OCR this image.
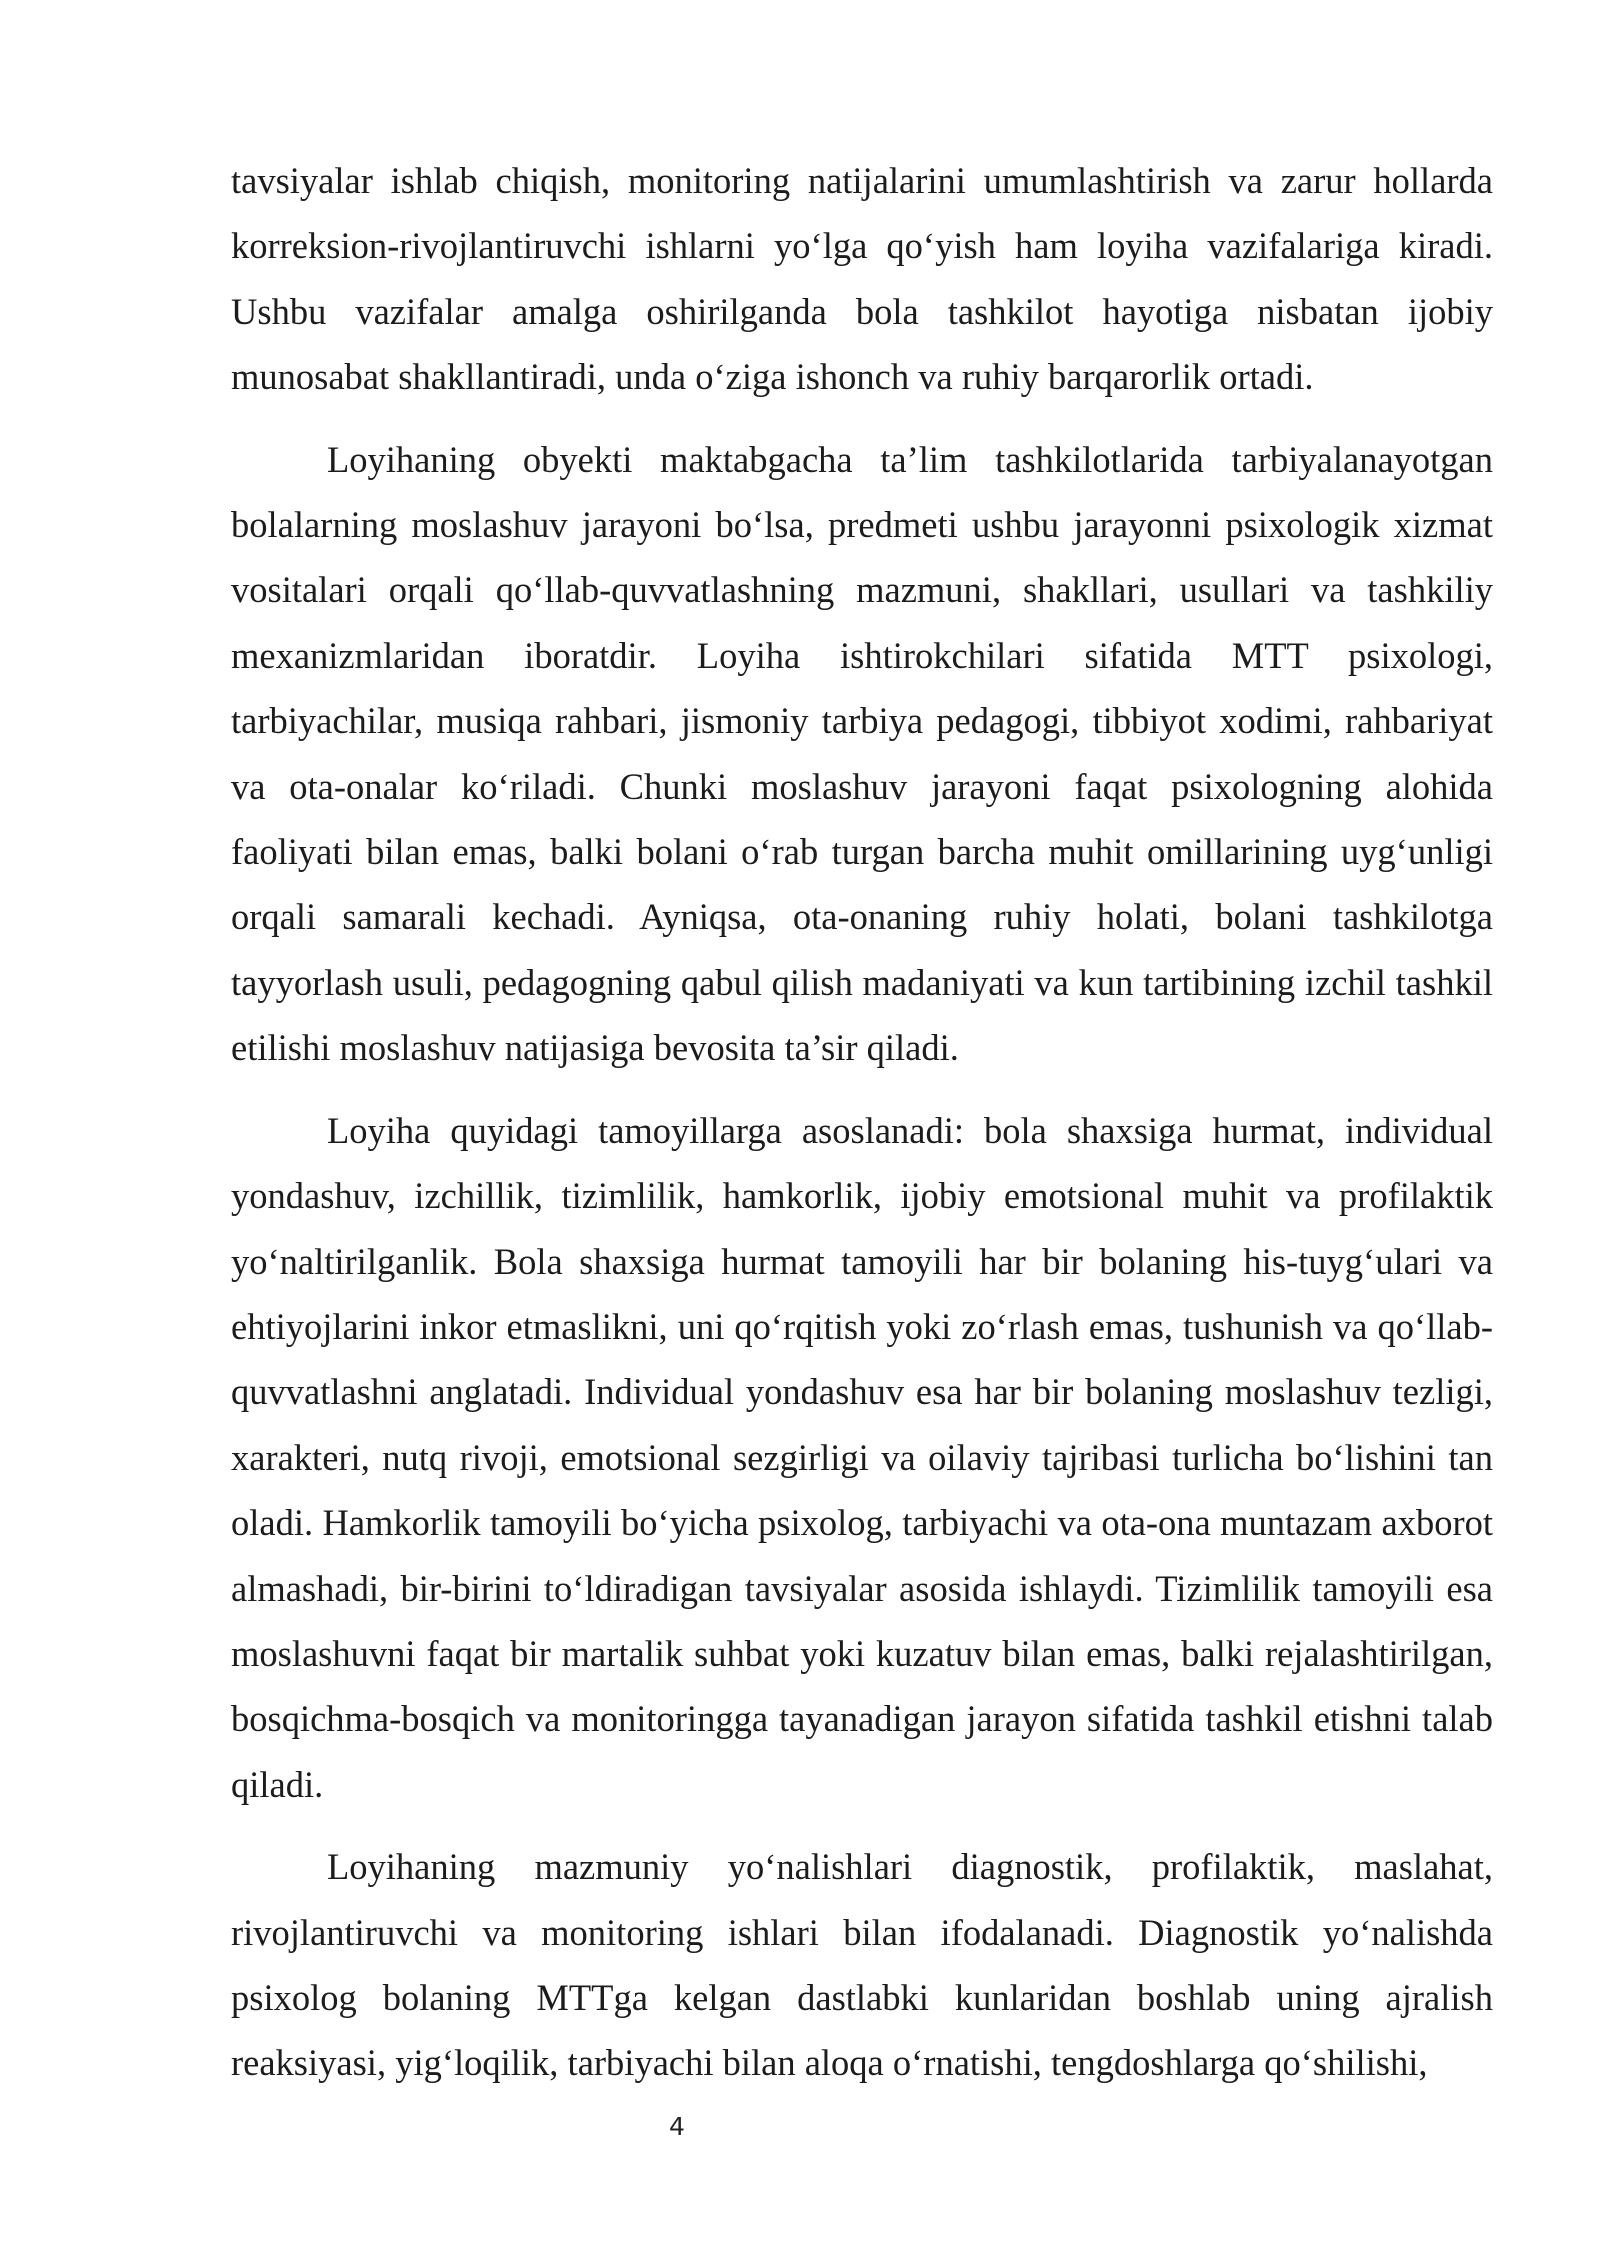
tavsiyalar ishlab chiqish, monitoring natijalarini umumlashtirish va zarur hollarda korreksion-rivojlantiruvchi ishlarni yo‘lga qo‘yish ham loyiha vazifalariga kiradi. Ushbu vazifalar amalga oshirilganda bola tashkilot hayotiga nisbatan ijobiy munosabat shakllantiradi, unda o‘ziga ishonch va ruhiy barqarorlik ortadi.

Loyihaning obyekti maktabgacha ta’lim tashkilotlarida tarbiyalanayotgan bolalarning moslashuv jarayoni bo‘lsa, predmeti ushbu jarayonni psixologik xizmat vositalari orqali qo‘llab-quvvatlashning mazmuni, shakllari, usullari va tashkiliy mexanizmlaridan iboratdir. Loyiha ishtirokchilari sifatida MTT psixologi, tarbiyachilar, musiqa rahbari, jismoniy tarbiya pedagogi, tibbiyot xodimi, rahbariyat va ota-onalar ko‘riladi. Chunki moslashuv jarayoni faqat psixologning alohida faoliyati bilan emas, balki bolani o‘rab turgan barcha muhit omillarining uyg‘unligi orqali samarali kechadi. Ayniqsa, ota-onaning ruhiy holati, bolani tashkilotga tayyorlash usuli, pedagogning qabul qilish madaniyati va kun tartibining izchil tashkil etilishi moslashuv natijasiga bevosita ta’sir qiladi.

Loyiha quyidagi tamoyillarga asoslanadi: bola shaxsiga hurmat, individual yondashuv, izchillik, tizimlilik, hamkorlik, ijobiy emotsional muhit va profilaktik yo‘naltirilganlik. Bola shaxsiga hurmat tamoyili har bir bolaning his-tuyg‘ulari va ehtiyojlarini inkor etmaslikni, uni qo‘rqitish yoki zo‘rlash emas, tushunish va qo‘llab-quvvatlashni anglatadi. Individual yondashuv esa har bir bolaning moslashuv tezligi, xarakteri, nutq rivoji, emotsional sezgirligi va oilaviy tajribasi turlicha bo‘lishini tan oladi. Hamkorlik tamoyili bo‘yicha psixolog, tarbiyachi va ota-ona muntazam axborot almashadi, bir-birini to‘ldiradigan tavsiyalar asosida ishlaydi. Tizimlilik tamoyili esa moslashuvni faqat bir martalik suhbat yoki kuzatuv bilan emas, balki rejalashtirilgan, bosqichma-bosqich va monitoringga tayanadigan jarayon sifatida tashkil etishni talab qiladi.

Loyihaning mazmuniy yo‘nalishlari diagnostik, profilaktik, maslahat, rivojlantiruvchi va monitoring ishlari bilan ifodalanadi. Diagnostik yo‘nalishda psixolog bolaning MTTga kelgan dastlabki kunlaridan boshlab uning ajralish reaksiyasi, yig‘loqilik, tarbiyachi bilan aloqa o‘rnatishi, tengdoshlarga qo‘shilishi,

4
